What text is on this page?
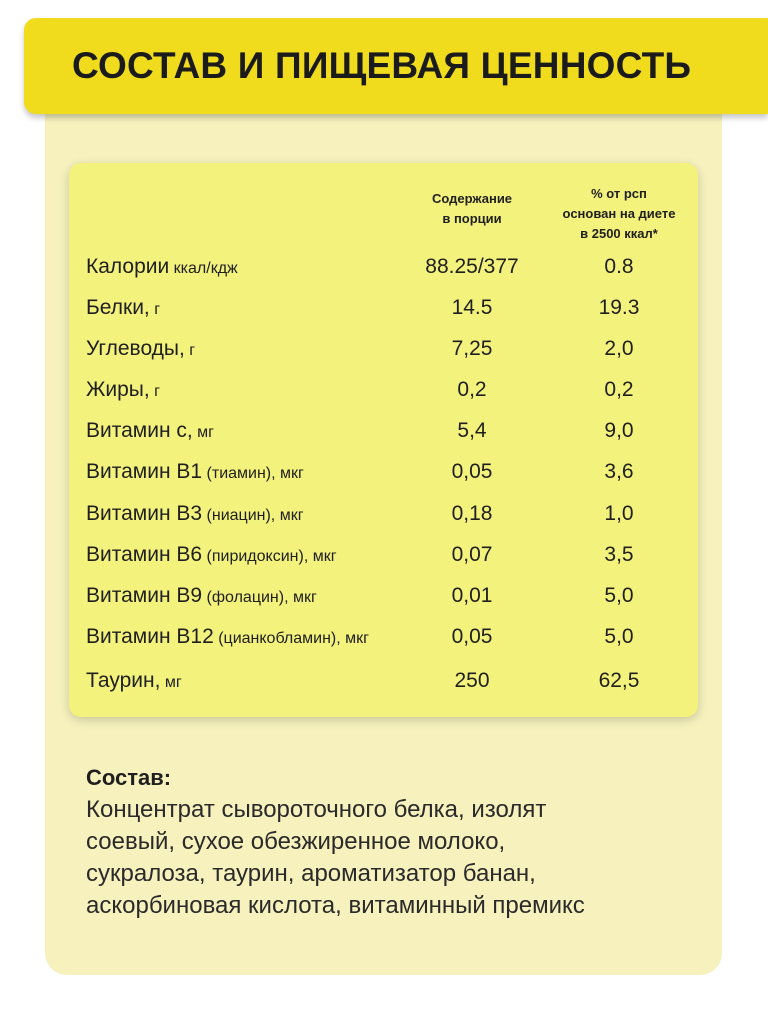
СОСТАВ И ПИЩЕВАЯ ЦЕННОСТЬ
Содержание
в порции
% от рсп
основан на диете
в 2500 ккал*
Калории ккал/кдж	88.25/377	0.8
Белки, г	14.5	19.3
Углеводы, г	7,25	2,0
Жиры, г	0,2	0,2
Витамин с, мг	5,4	9,0
Витамин B1 (тиамин), мкг	0,05	3,6
Витамин B3 (ниацин), мкг	0,18	1,0
Витамин B6 (пиридоксин), мкг	0,07	3,5
Витамин B9 (фолацин), мкг	0,01	5,0
Витамин B12 (цианкобламин), мкг	0,05	5,0
Таурин, мг	250	62,5
Состав:
Концентрат сывороточного белка, изолят
соевый, сухое обезжиренное молоко,
сукралоза, таурин, ароматизатор банан,
аскорбиновая кислота, витаминный премикс
